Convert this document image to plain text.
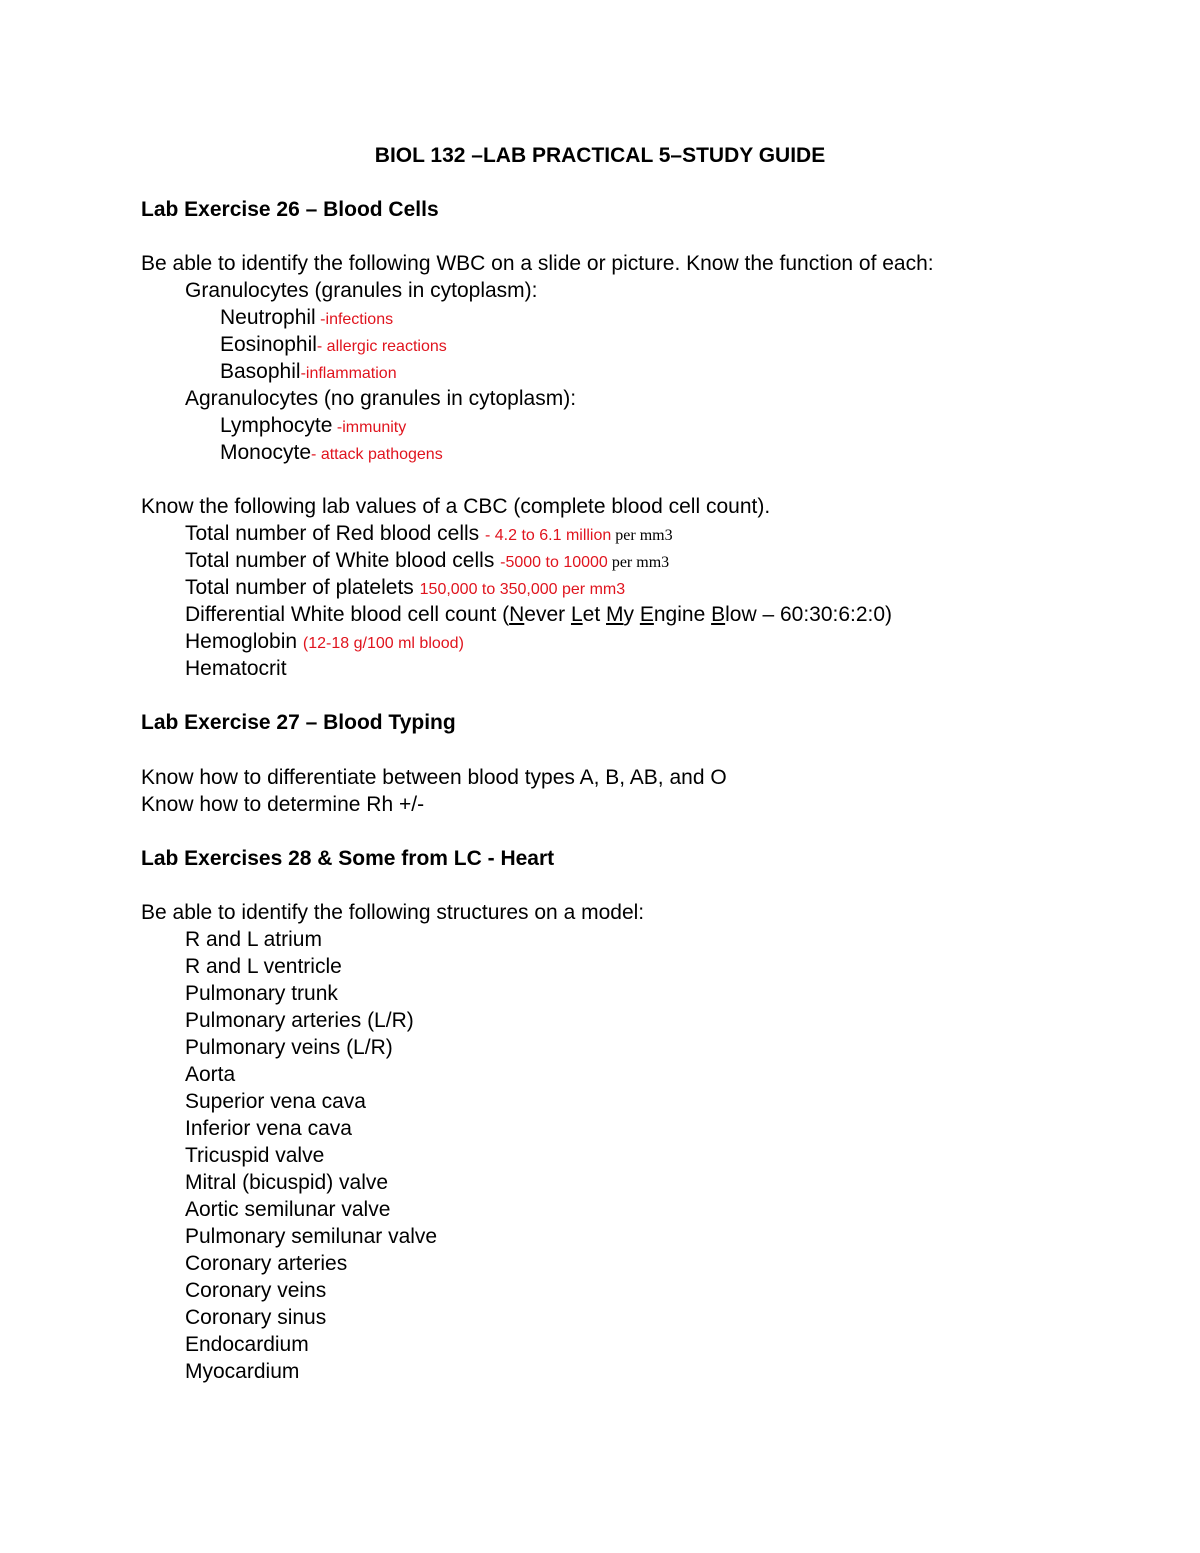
BIOL 132 –LAB PRACTICAL 5–STUDY GUIDE
Lab Exercise 26 – Blood Cells
Be able to identify the following WBC on a slide or picture. Know the function of each:
Granulocytes (granules in cytoplasm):
Neutrophil -infections
Eosinophil- allergic reactions
Basophil-inflammation
Agranulocytes (no granules in cytoplasm):
Lymphocyte -immunity
Monocyte- attack pathogens
Know the following lab values of a CBC (complete blood cell count).
Total number of Red blood cells - 4.2 to 6.1 million per mm3
Total number of White blood cells -5000 to 10000 per mm3
Total number of platelets 150,000 to 350,000 per mm3
Differential White blood cell count (Never Let My Engine Blow – 60:30:6:2:0)
Hemoglobin (12-18 g/100 ml blood)
Hematocrit
Lab Exercise 27 – Blood Typing
Know how to differentiate between blood types A, B, AB, and O
Know how to determine Rh +/-
Lab Exercises 28 & Some from LC - Heart
Be able to identify the following structures on a model:
R and L atrium
R and L ventricle
Pulmonary trunk
Pulmonary arteries (L/R)
Pulmonary veins (L/R)
Aorta
Superior vena cava
Inferior vena cava
Tricuspid valve
Mitral (bicuspid) valve
Aortic semilunar valve
Pulmonary semilunar valve
Coronary arteries
Coronary veins
Coronary sinus
Endocardium
Myocardium
